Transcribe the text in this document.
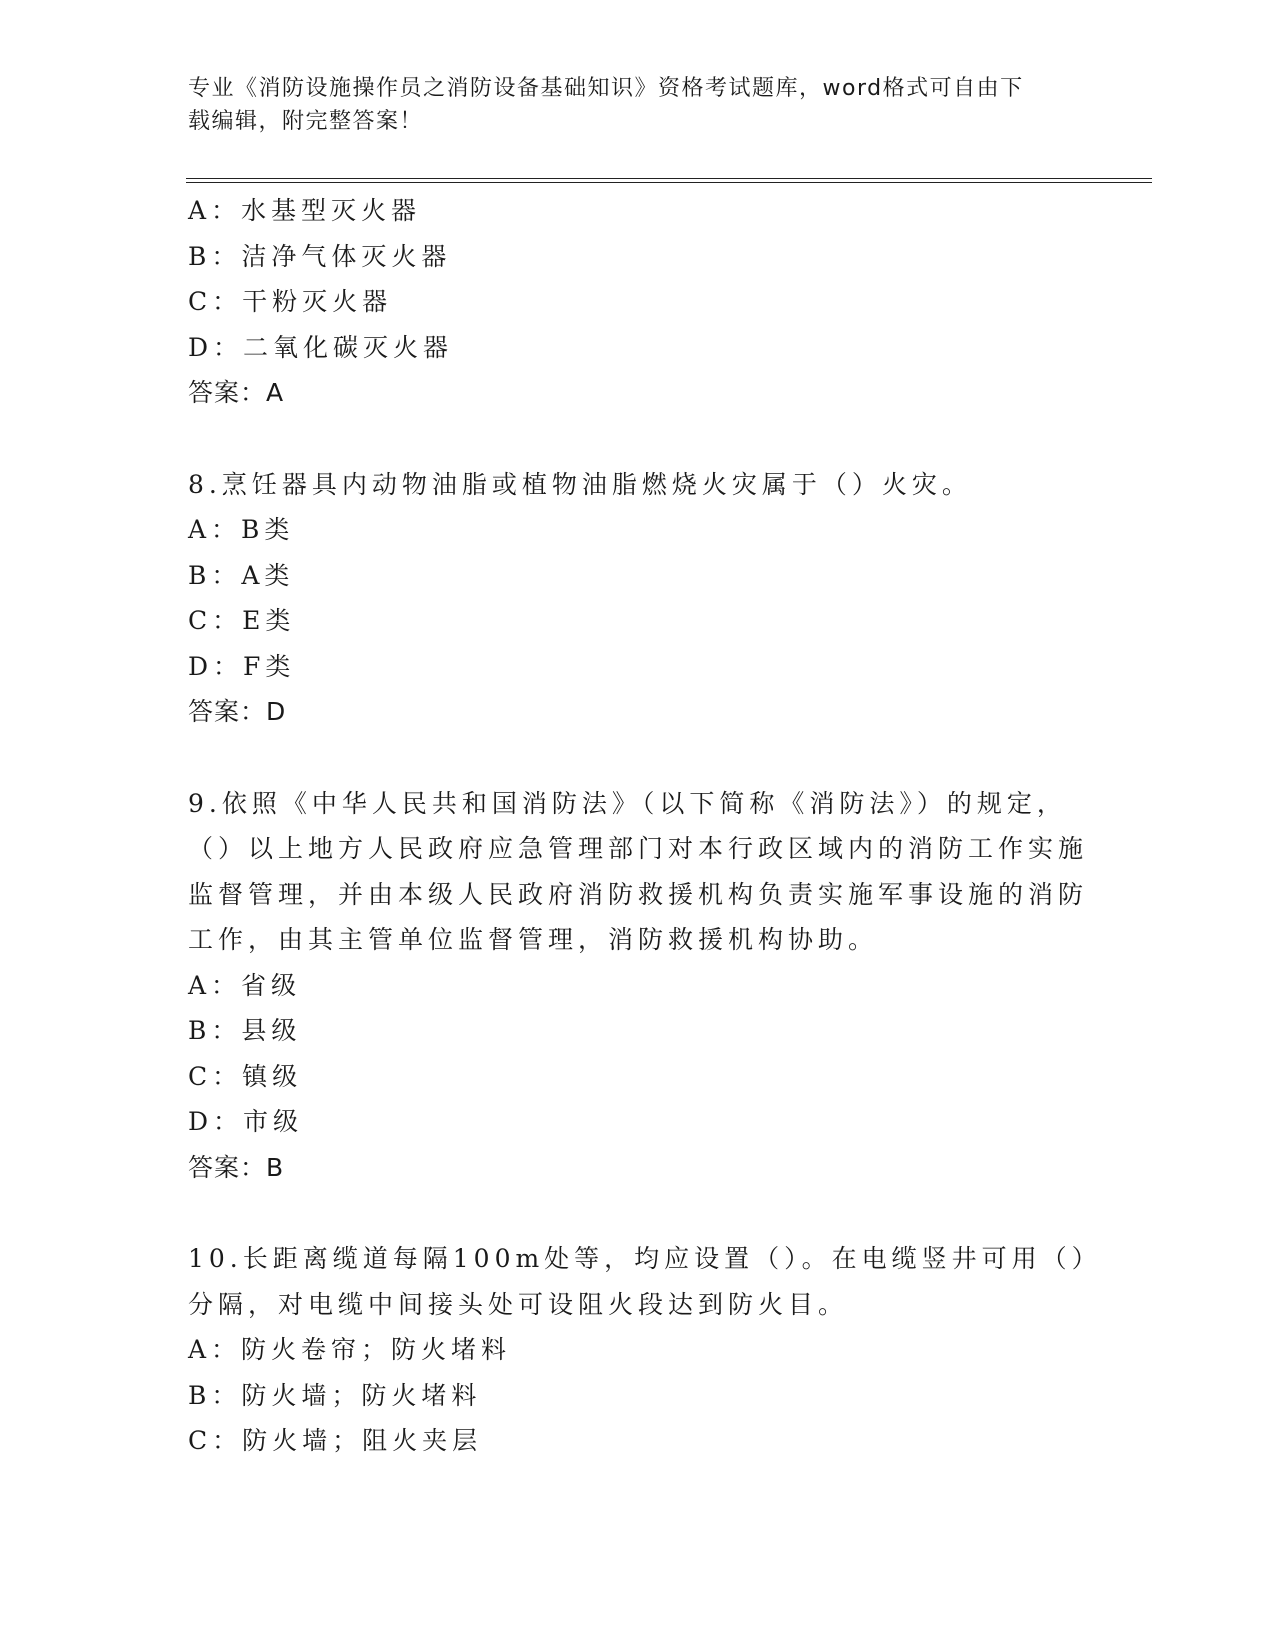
专业《消防设施操作员之消防设备基础知识》资格考试题库，word格式可自由下
载编辑，附完整答案！

A：水基型灭火器

B：洁净气体灭火器

C：干粉灭火器

D：二氧化碳灭火器

答案：A

8.烹饪器具内动物油脂或植物油脂燃烧火灾属于（）火灾。

A：B类

B：A类

C：E类

D：F类

答案：D

9.依照《中华人民共和国消防法》（以下简称《消防法》）的规定，

（）以上地方人民政府应急管理部门对本行政区域内的消防工作实施

监督管理，并由本级人民政府消防救援机构负责实施军事设施的消防

工作，由其主管单位监督管理，消防救援机构协助。

A：省级

B：县级

C：镇级

D：市级

答案：B

10.长距离缆道每隔100m处等，均应设置（）。在电缆竖井可用（）

分隔，对电缆中间接头处可设阻火段达到防火目。

A：防火卷帘；防火堵料

B：防火墙；防火堵料

C：防火墙；阻火夹层
